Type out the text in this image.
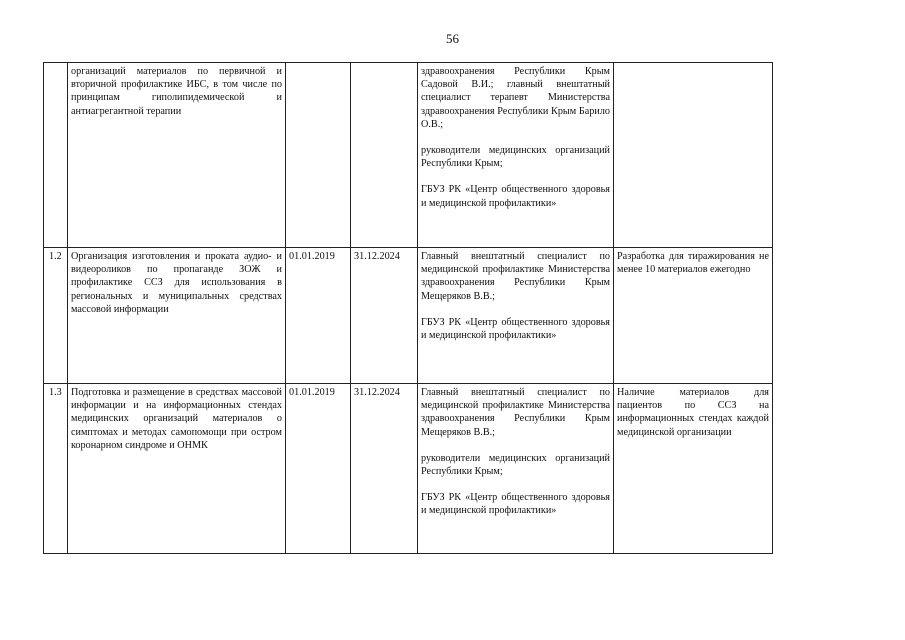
56
	организаций материалов по первичной и вторичной профилактике ИБС, в том числе по принципам гиполипидемической и антиагрегантной терапии			здравоохранения Республики Крым Садовой В.И.; главный внештатный специалист терапевт Министерства здравоохранения Республики Крым Барило О.В.;
руководители медицинских организаций Республики Крым;
ГБУЗ РК «Центр общественного здоровья и медицинской профилактики»	

1.2	Организация изготовления и проката аудио- и видеороликов по пропаганде ЗОЖ и профилактике ССЗ для использования в региональных и муниципальных средствах массовой информации	01.01.2019	31.12.2024	Главный внештатный специалист по медицинской профилактике Министерства здравоохранения Республики Крым Мещеряков В.В.;
ГБУЗ РК «Центр общественного здоровья и медицинской профилактики»	Разработка для тиражирования не менее 10 материалов ежегодно
1.3	Подготовка и размещение в средствах массовой информации и на информационных стендах медицинских организаций материалов о симптомах и методах самопомощи при остром коронарном синдроме и ОНМК	01.01.2019	31.12.2024	Главный внештатный специалист по медицинской профилактике Министерства здравоохранения Республики Крым Мещеряков В.В.;
руководители медицинских организаций Республики Крым;
ГБУЗ РК «Центр общественного здоровья и медицинской профилактики»	Наличие материалов для пациентов по ССЗ на информационных стендах каждой медицинской организации
